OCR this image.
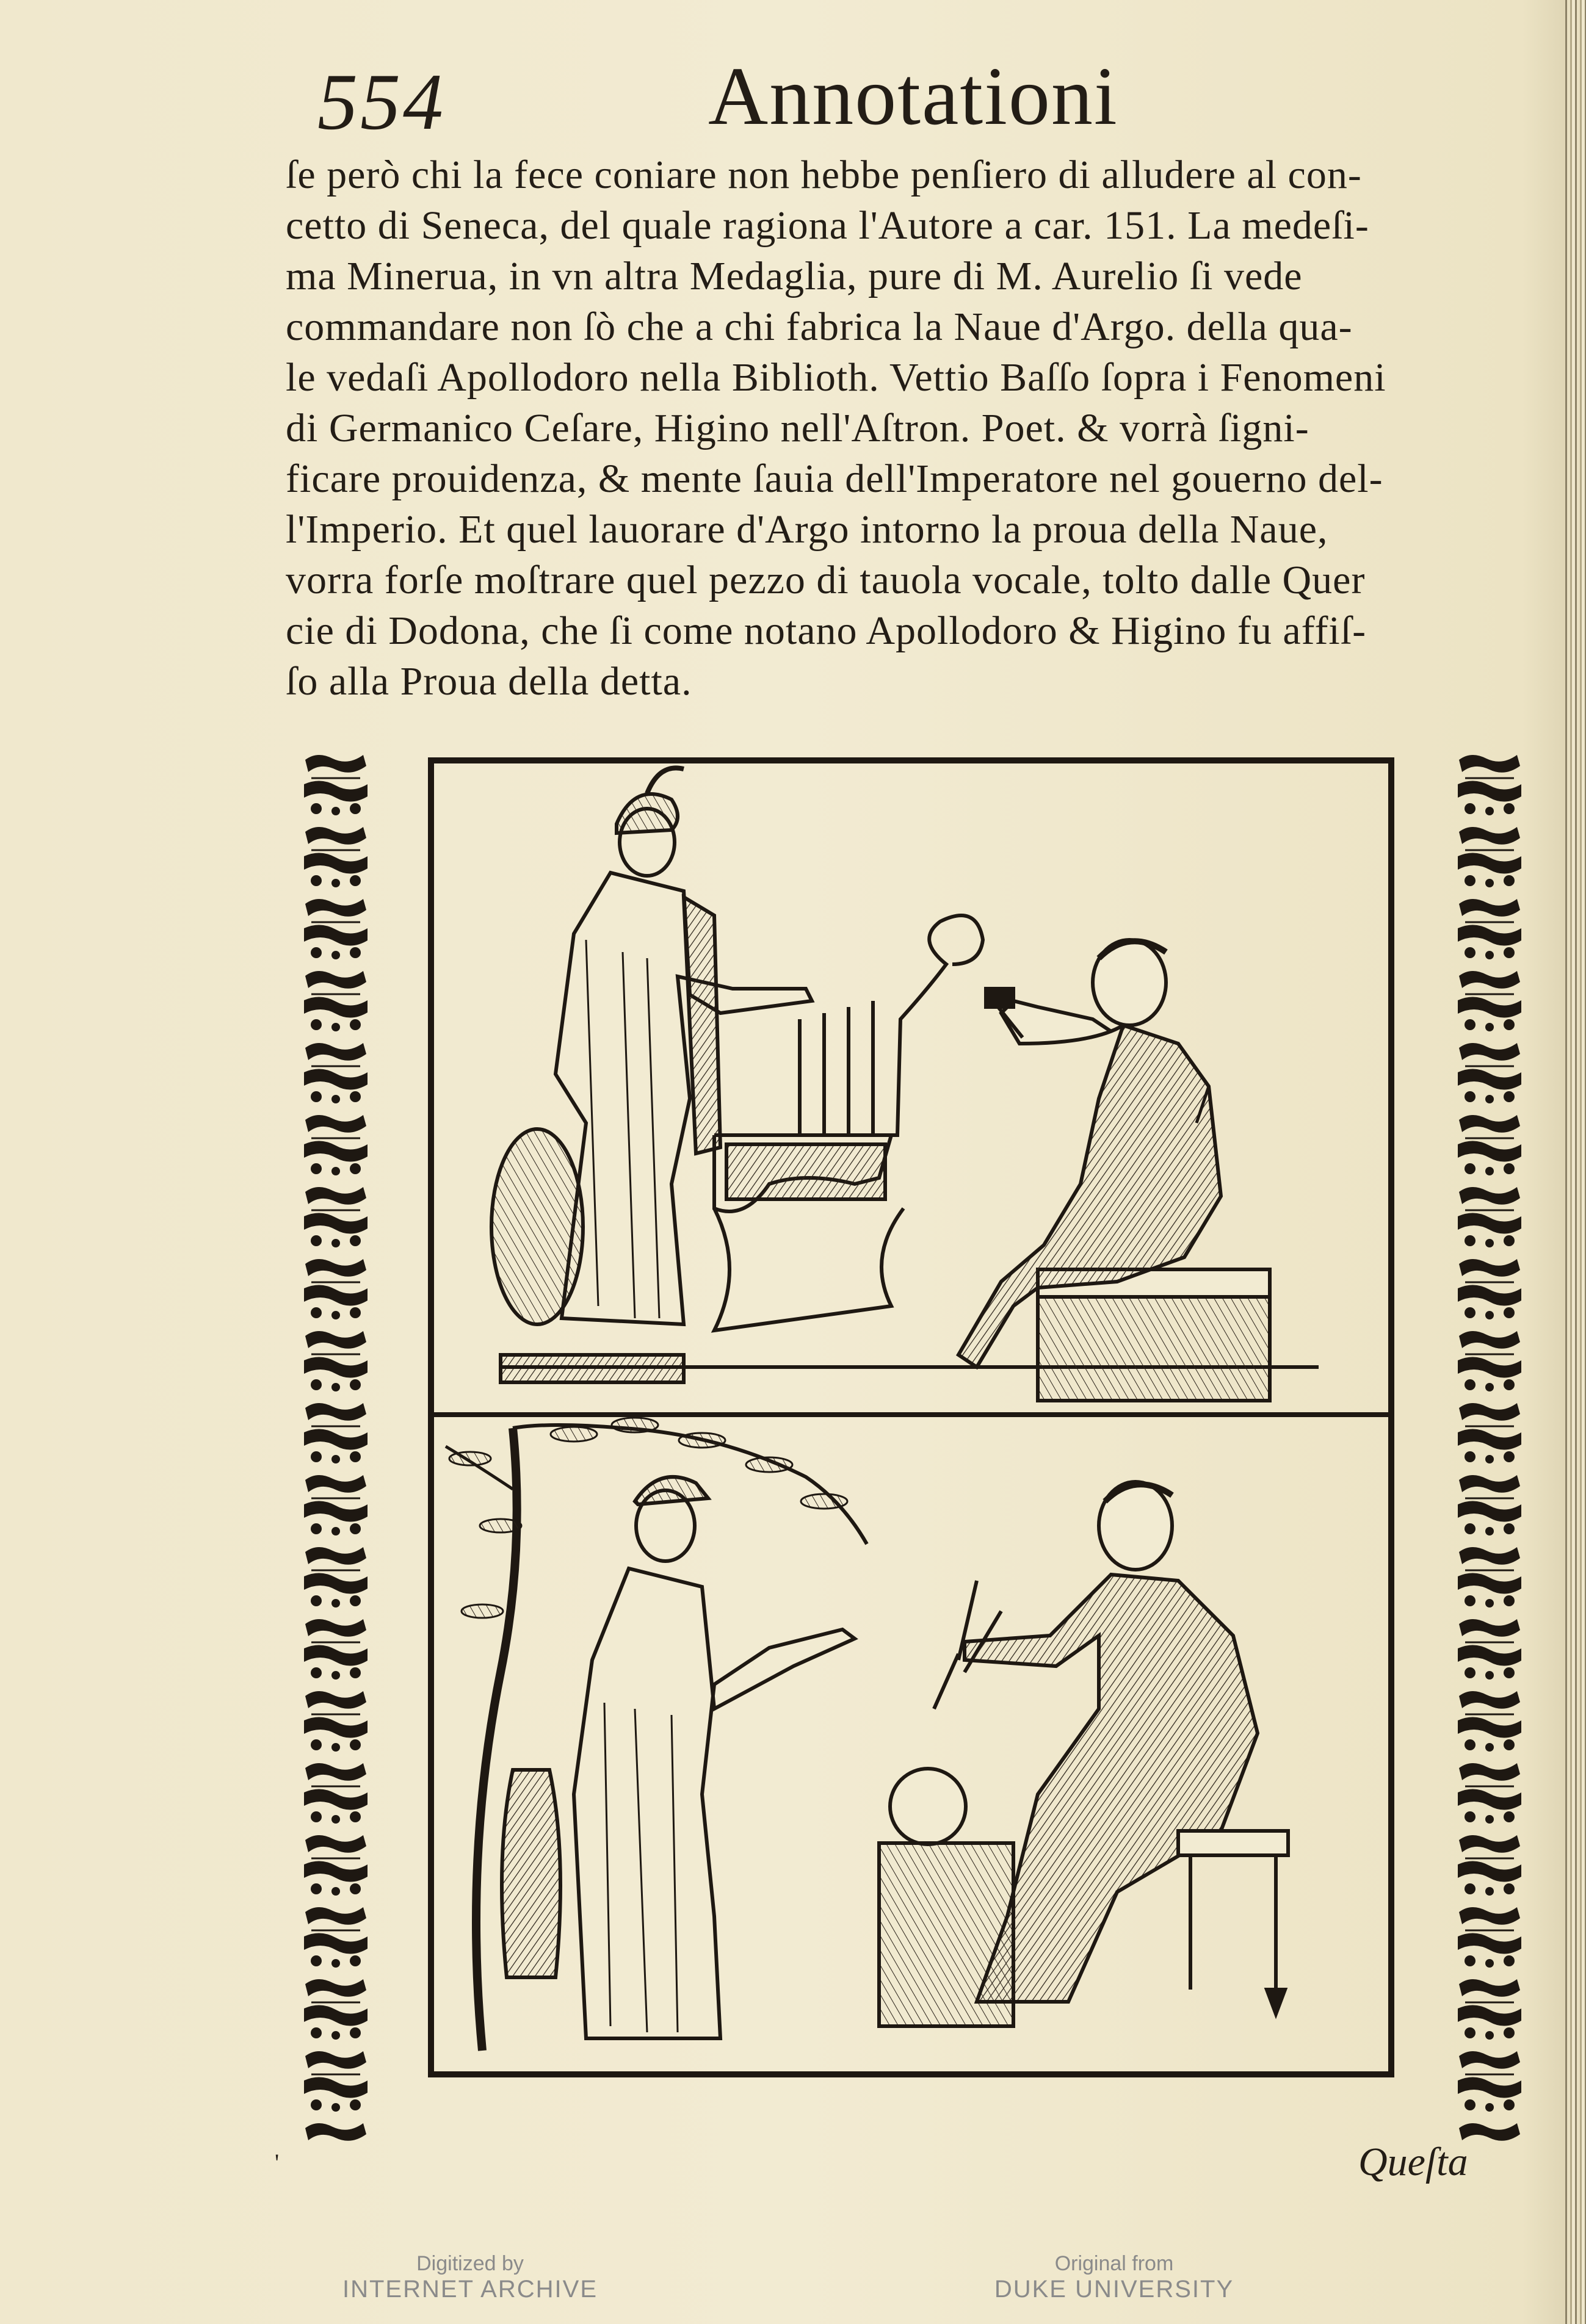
554	Annotationi
ſe però chi la fece coniare non hebbe penſiero di alludere al con-
cetto di Seneca, del quale ragiona l'Autore a car. 151. La medeſi-
ma Minerua, in vn altra Medaglia, pure di M. Aurelio ſi vede
commandare non ſò che a chi fabrica la Naue d'Argo. della qua-
le vedaſi Apollodoro nella Biblioth. Vettio Baſſo ſopra i Fenomeni
di Germanico Ceſare, Higino nell'Aſtron. Poet. & vorrà ſigni-
ficare prouidenza, & mente ſauia dell'Imperatore nel gouerno del-
l'Imperio. Et quel lauorare d'Argo intorno la proua della Naue,
vorra forſe moſtrare quel pezzo di tauola vocale, tolto dalle Quer
cie di Dodona, che ſi come notano Apollodoro & Higino fu affiſ-
ſo alla Proua della detta.
'	Queſta
Digitized by
INTERNET ARCHIVE
Original from
DUKE UNIVERSITY
